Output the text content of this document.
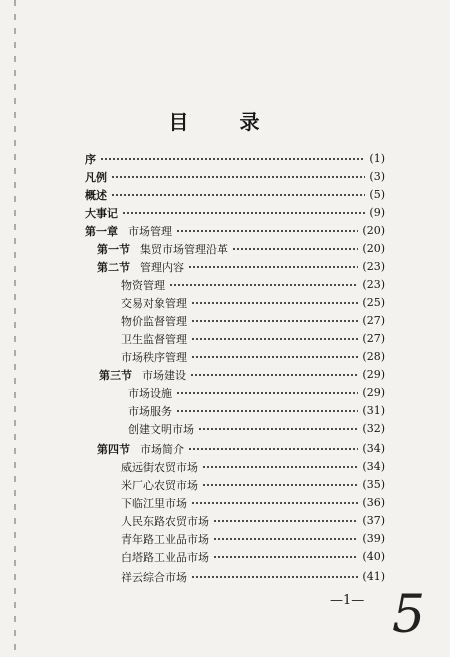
目 录
序	(1)
凡例	(3)
概述	(5)
大事记	(9)
第一章 市场管理	(20)
第一节 集贸市场管理沿革	(20)
第二节 管理内容	(23)
物资管理	(23)
交易对象管理	(25)
物价监督管理	(27)
卫生监督管理	(27)
市场秩序管理	(28)
第三节 市场建设	(29)
市场设施	(29)
市场服务	(31)
创建文明市场	(32)
第四节 市场简介	(34)
威远街农贸市场	(34)
米厂心农贸市场	(35)
下临江里市场	(36)
人民东路农贸市场	(37)
青年路工业品市场	(39)
白塔路工业品市场	(40)
祥云综合市场	(41)
—1— 5
